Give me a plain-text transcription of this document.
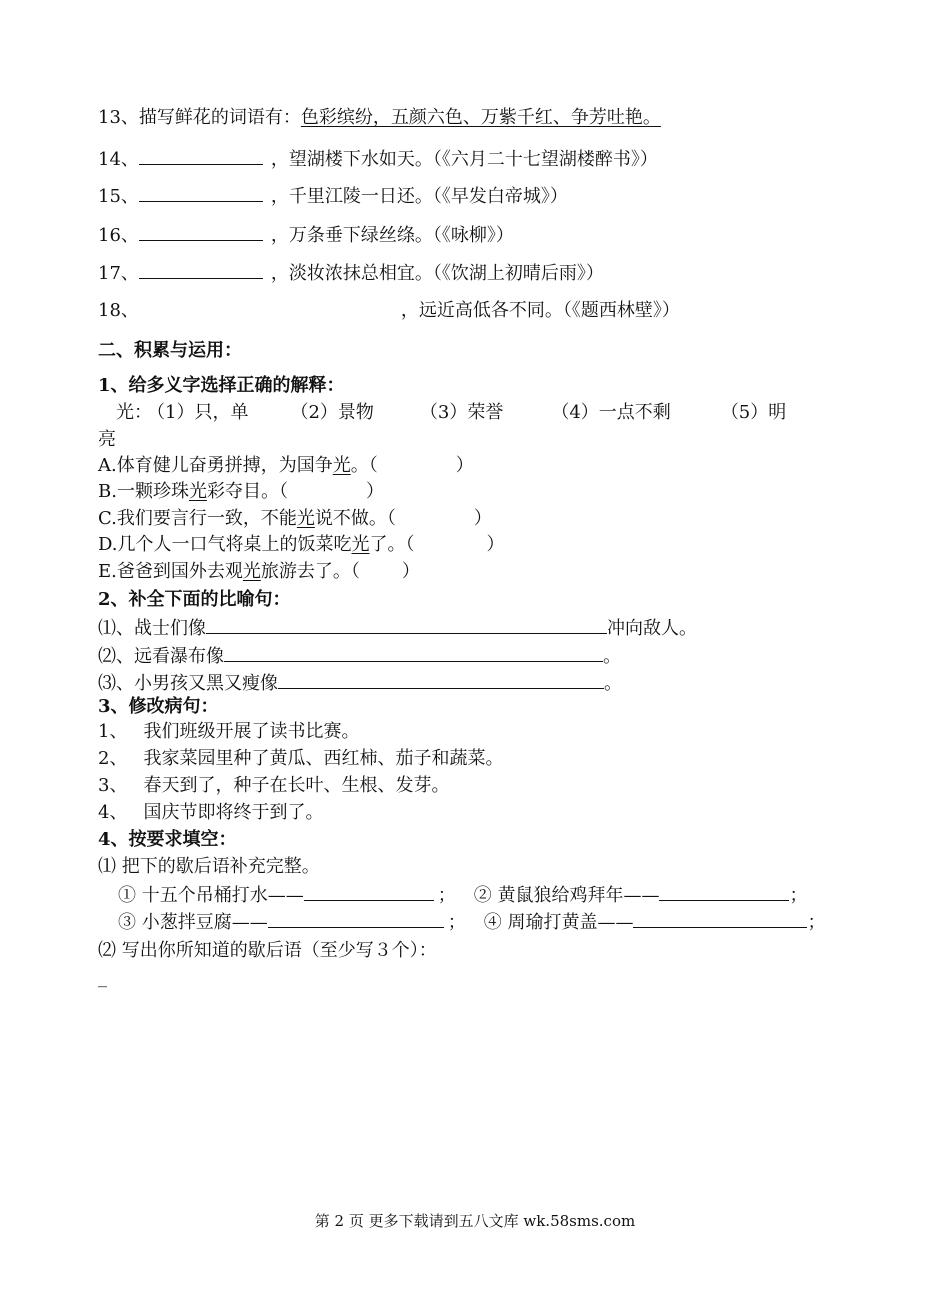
13、描写鲜花的词语有：色彩缤纷，五颜六色、万紫千红、争芳吐艳。
14、	，望湖楼下水如天。（《六月二十七望湖楼醉书》）
15、	，千里江陵一日还。（《早发白帝城》）
16、	，万条垂下绿丝绦。（《咏柳》）
17、	，淡妆浓抹总相宜。（《饮湖上初晴后雨》）
18、	，远近高低各不同。（《题西林壁》）
二、积累与运用：
1、给多义字选择正确的解释：
光： （1）只，单 （2）景物	（3）荣誉	（4）一点不剩	（5）明
亮
A.体育健儿奋勇拼搏，为国争光。（	）
B.一颗珍珠光彩夺目。（	）
C.我们要言行一致，不能光说不做。（	）
D.几个人一口气将桌上的饭菜吃光了。（	）
E.爸爸到国外去观光旅游去了。（ ）
2、补全下面的比喻句：
⑴、战士们像	冲向敌人。
⑵、远看瀑布像	。
⑶、小男孩又黑又瘦像	。
3、修改病句：
1、 我们班级开展了读书比赛。
2、 我家菜园里种了黄瓜、西红柿、茄子和蔬菜。
3、 春天到了，种子在长叶、生根、发芽。
4、 国庆节即将终于到了。
4、按要求填空：
⑴ 把下的歇后语补充完整。
① 十五个吊桶打水——	； ② 黄鼠狼给鸡拜年——	；
③ 小葱拌豆腐——	； ④ 周瑜打黄盖——	；
⑵ 写出你所知道的歇后语（至少写３个）：
_
第 2 页 更多下载请到五八文库 wk.58sms.com
